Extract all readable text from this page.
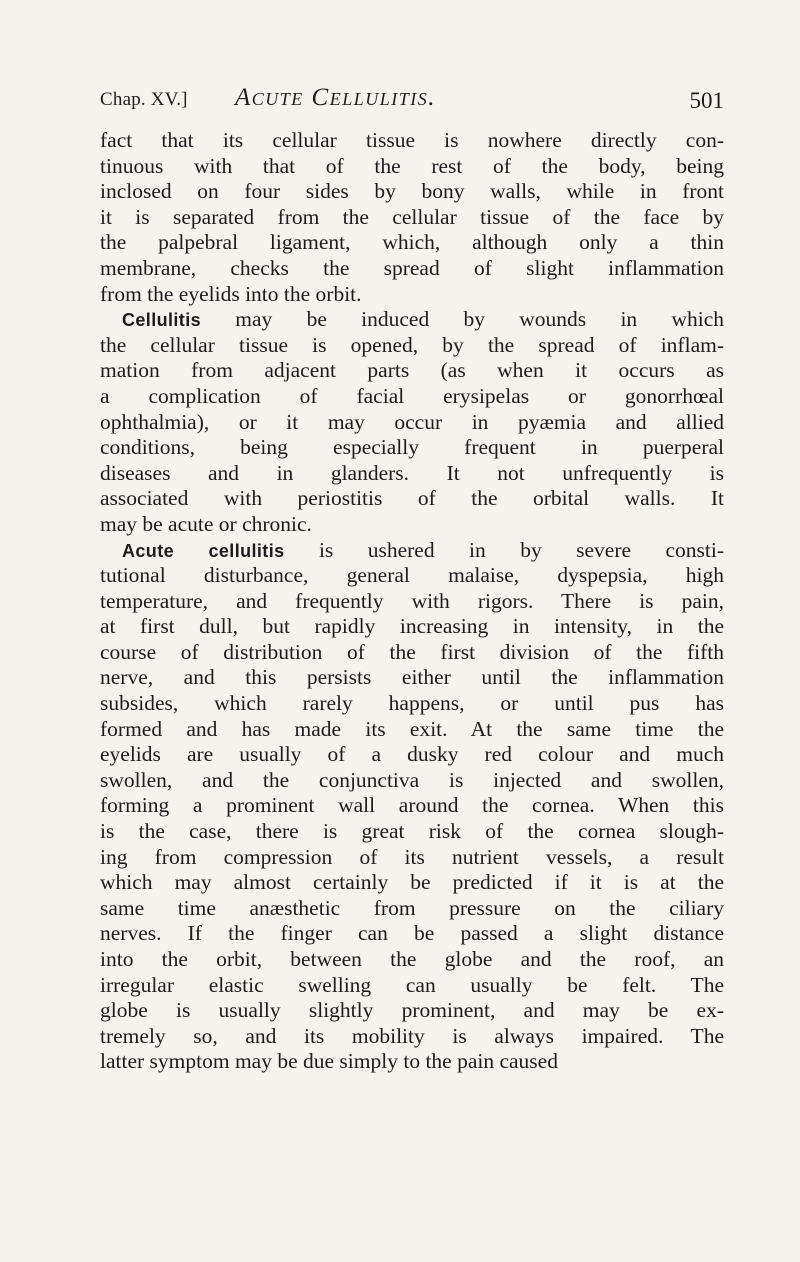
Chap. XV.] Acute Cellulitis.	501
fact that its cellular tissue is nowhere directly con-
tinuous with that of the rest of the body, being
inclosed on four sides by bony walls, while in front
it is separated from the cellular tissue of the face by
the palpebral ligament, which, although only a thin
membrane, checks the spread of slight inflammation
from the eyelids into the orbit.
Cellulitis may be induced by wounds in which
the cellular tissue is opened, by the spread of inflam-
mation from adjacent parts (as when it occurs as
a complication of facial erysipelas or gonorrhœal
ophthalmia), or it may occur in pyæmia and allied
conditions, being especially frequent in puerperal
diseases and in glanders. It not unfrequently is
associated with periostitis of the orbital walls. It
may be acute or chronic.
Acute cellulitis is ushered in by severe consti-
tutional disturbance, general malaise, dyspepsia, high
temperature, and frequently with rigors. There is pain,
at first dull, but rapidly increasing in intensity, in the
course of distribution of the first division of the fifth
nerve, and this persists either until the inflammation
subsides, which rarely happens, or until pus has
formed and has made its exit. At the same time the
eyelids are usually of a dusky red colour and much
swollen, and the conjunctiva is injected and swollen,
forming a prominent wall around the cornea. When this
is the case, there is great risk of the cornea slough-
ing from compression of its nutrient vessels, a result
which may almost certainly be predicted if it is at the
same time anæsthetic from pressure on the ciliary
nerves. If the finger can be passed a slight distance
into the orbit, between the globe and the roof, an
irregular elastic swelling can usually be felt. The
globe is usually slightly prominent, and may be ex-
tremely so, and its mobility is always impaired. The
latter symptom may be due simply to the pain caused
